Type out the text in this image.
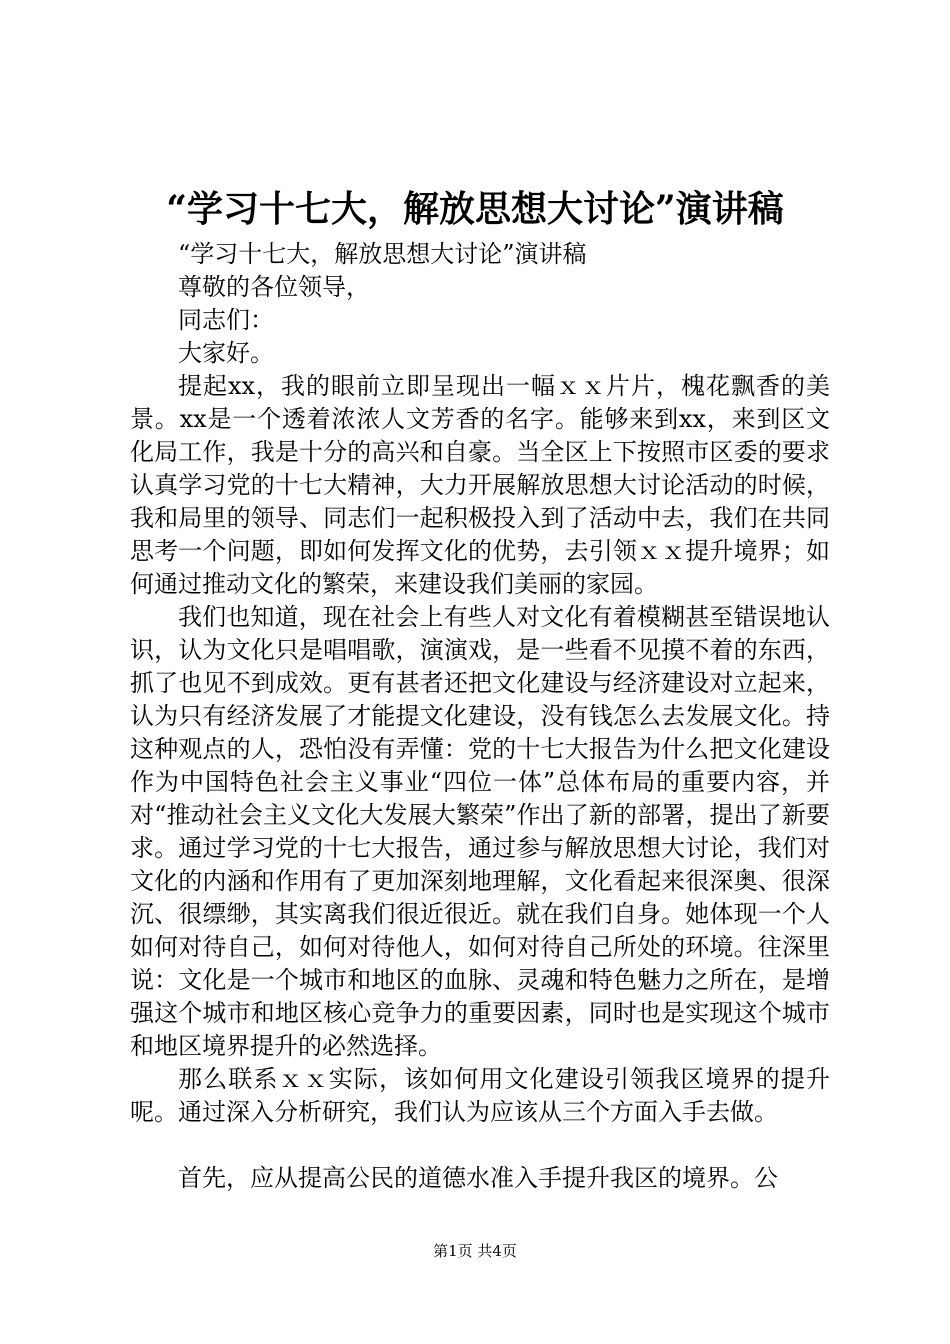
“学习十七大，解放思想大讨论”演讲稿

“学习十七大，解放思想大讨论”演讲稿

尊敬的各位领导，

同志们：

大家好。

提起xx，我的眼前立即呈现出一幅ｘｘ片片，槐花飘香的美景。xx是一个透着浓浓人文芳香的名字。能够来到xx，来到区文化局工作，我是十分的高兴和自豪。当全区上下按照市区委的要求认真学习党的十七大精神，大力开展解放思想大讨论活动的时候，我和局里的领导、同志们一起积极投入到了活动中去，我们在共同思考一个问题，即如何发挥文化的优势，去引领ｘｘ提升境界；如何通过推动文化的繁荣，来建设我们美丽的家园。

我们也知道，现在社会上有些人对文化有着模糊甚至错误地认识，认为文化只是唱唱歌，演演戏，是一些看不见摸不着的东西，抓了也见不到成效。更有甚者还把文化建设与经济建设对立起来，认为只有经济发展了才能提文化建设，没有钱怎么去发展文化。持这种观点的人，恐怕没有弄懂：党的十七大报告为什么把文化建设作为中国特色社会主义事业“四位一体”总体布局的重要内容，并对“推动社会主义文化大发展大繁荣”作出了新的部署，提出了新要求。通过学习党的十七大报告，通过参与解放思想大讨论，我们对文化的内涵和作用有了更加深刻地理解，文化看起来很深奥、很深沉、很缥缈，其实离我们很近很近。就在我们自身。她体现一个人如何对待自己，如何对待他人，如何对待自己所处的环境。往深里说：文化是一个城市和地区的血脉、灵魂和特色魅力之所在，是增强这个城市和地区核心竞争力的重要因素，同时也是实现这个城市和地区境界提升的必然选择。

那么联系ｘｘ实际，该如何用文化建设引领我区境界的提升呢。通过深入分析研究，我们认为应该从三个方面入手去做。

首先，应从提高公民的道德水准入手提升我区的境界。公

第1页 共4页
